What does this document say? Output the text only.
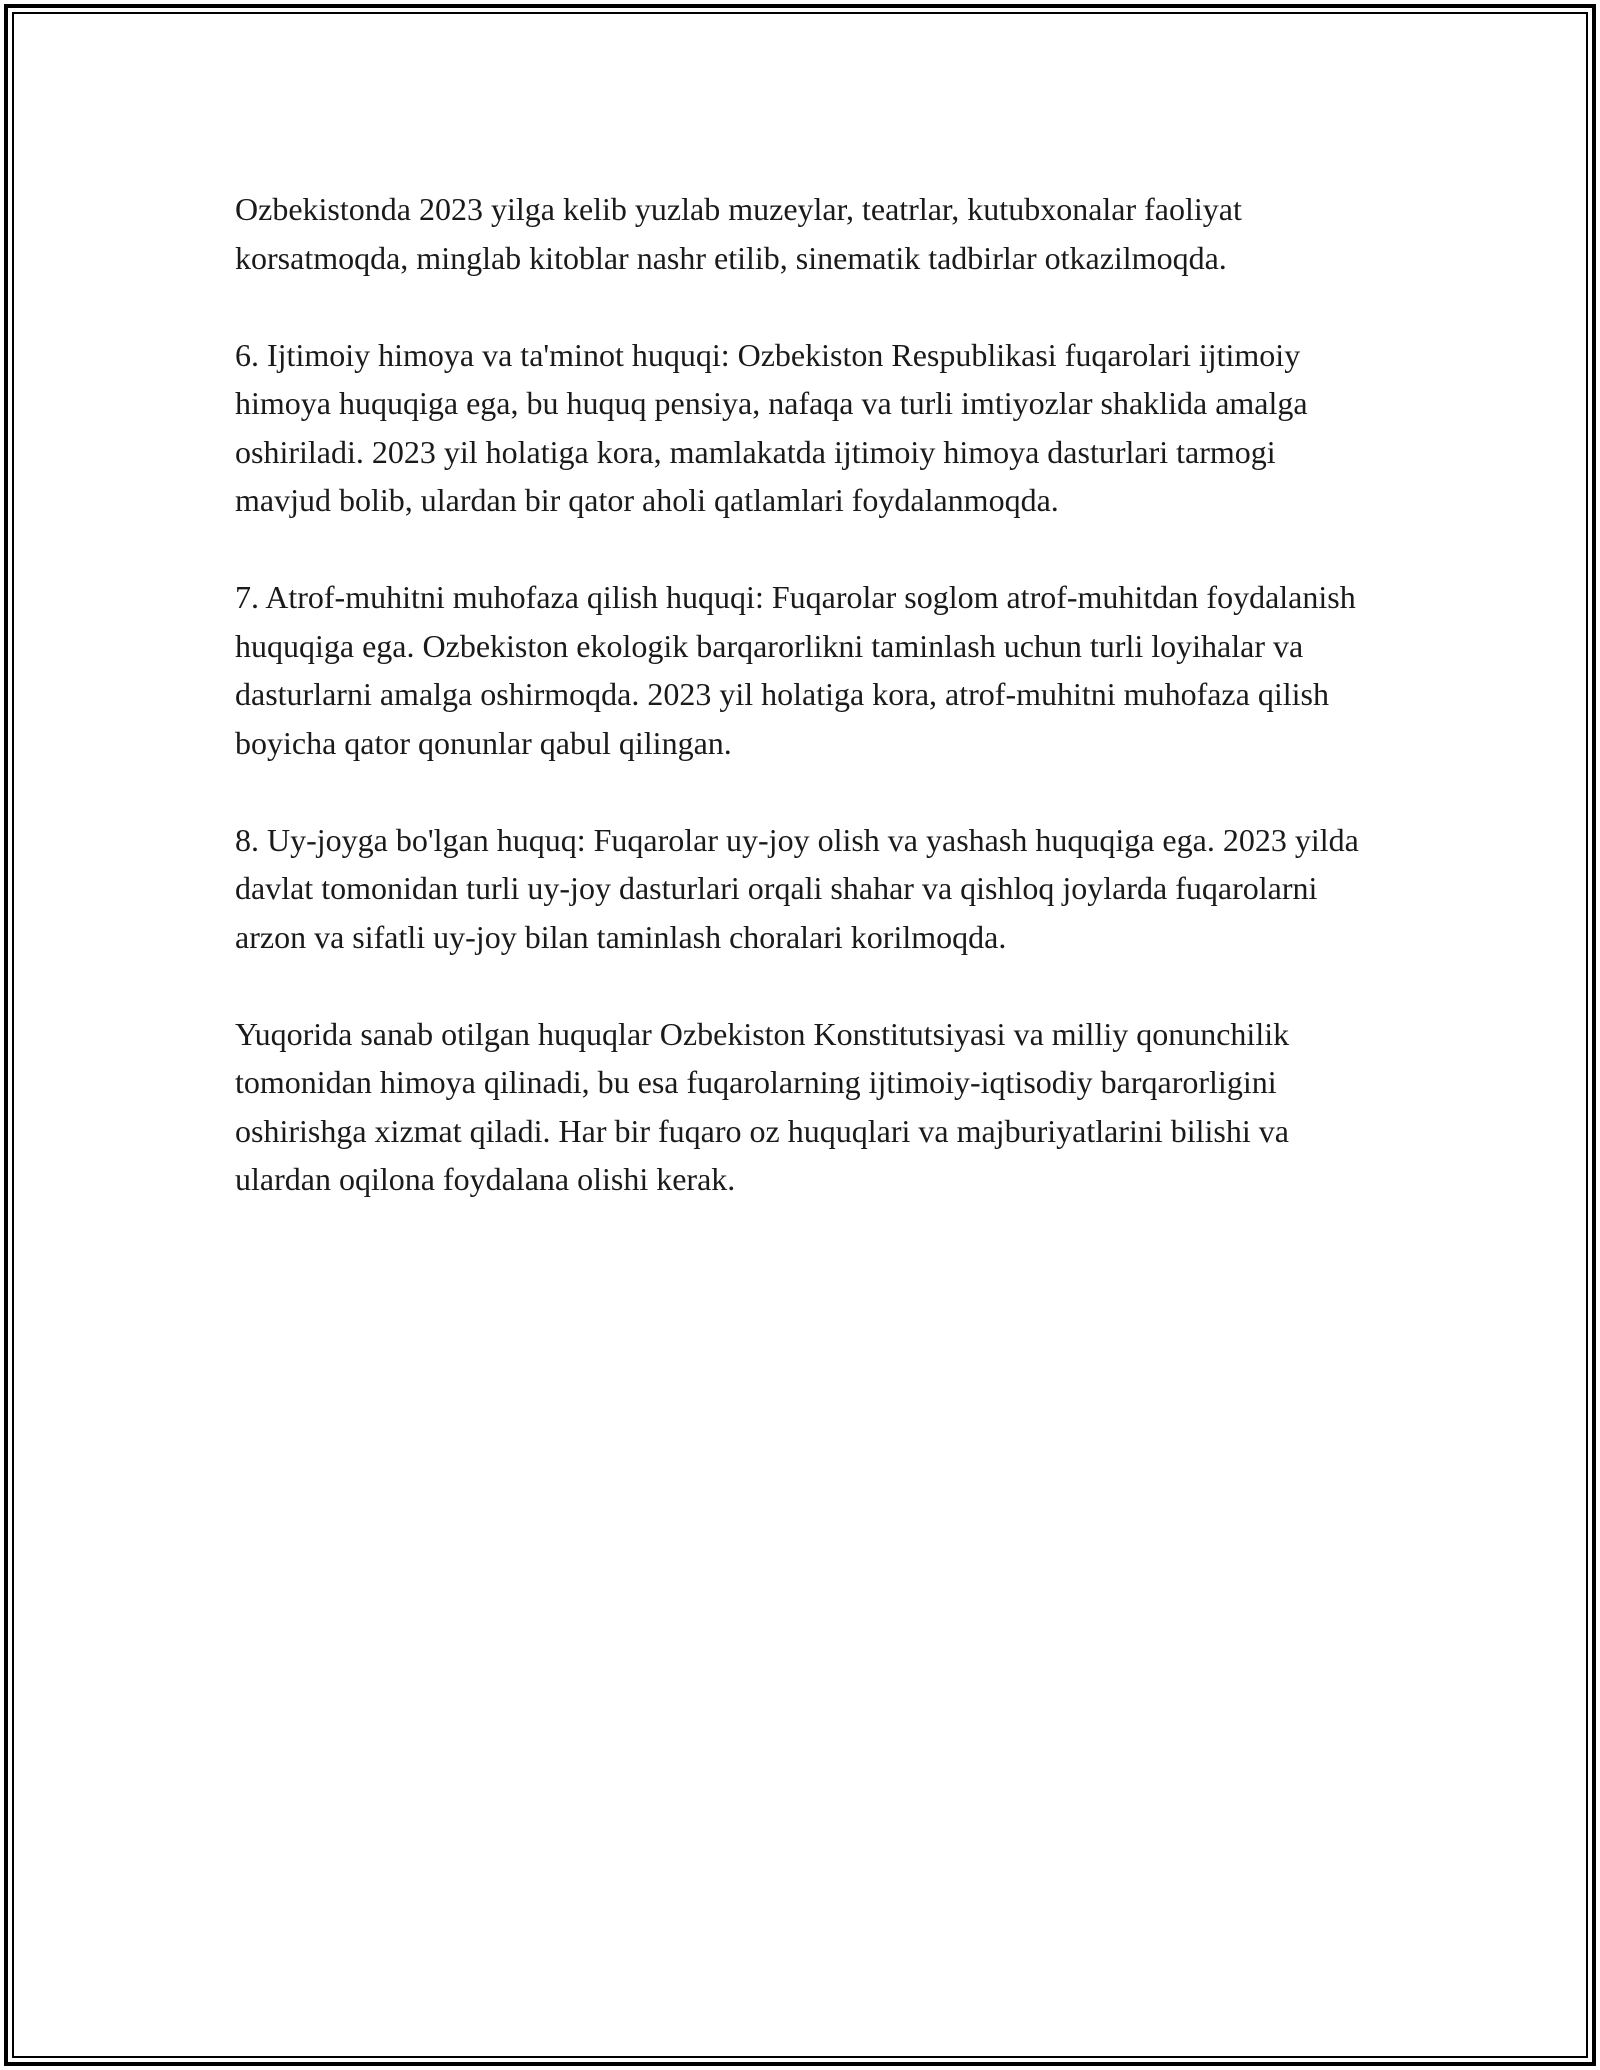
Ozbekistonda 2023 yilga kelib yuzlab muzeylar, teatrlar, kutubxonalar faoliyat korsatmoqda, minglab kitoblar nashr etilib, sinematik tadbirlar otkazilmoqda.

6. Ijtimoiy himoya va ta'minot huquqi: Ozbekiston Respublikasi fuqarolari ijtimoiy himoya huquqiga ega, bu huquq pensiya, nafaqa va turli imtiyozlar shaklida amalga oshiriladi. 2023 yil holatiga kora, mamlakatda ijtimoiy himoya dasturlari tarmogi mavjud bolib, ulardan bir qator aholi qatlamlari foydalanmoqda.

7. Atrof-muhitni muhofaza qilish huquqi: Fuqarolar soglom atrof-muhitdan foydalanish huquqiga ega. Ozbekiston ekologik barqarorlikni taminlash uchun turli loyihalar va dasturlarni amalga oshirmoqda. 2023 yil holatiga kora, atrof-muhitni muhofaza qilish boyicha qator qonunlar qabul qilingan.

8. Uy-joyga bo'lgan huquq: Fuqarolar uy-joy olish va yashash huquqiga ega. 2023 yilda davlat tomonidan turli uy-joy dasturlari orqali shahar va qishloq joylarda fuqarolarni arzon va sifatli uy-joy bilan taminlash choralari korilmoqda.

Yuqorida sanab otilgan huquqlar Ozbekiston Konstitutsiyasi va milliy qonunchilik tomonidan himoya qilinadi, bu esa fuqarolarning ijtimoiy-iqtisodiy barqarorligini oshirishga xizmat qiladi. Har bir fuqaro oz huquqlari va majburiyatlarini bilishi va ulardan oqilona foydalana olishi kerak.
